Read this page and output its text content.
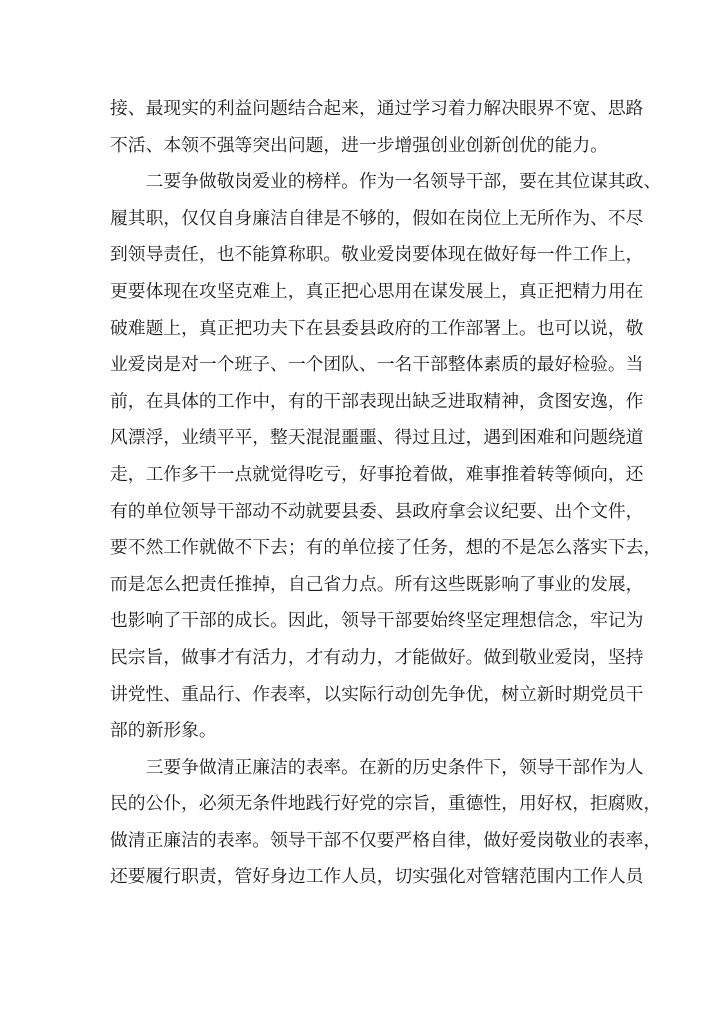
接、最现实的利益问题结合起来，通过学习着力解决眼界不宽、思路
不活、本领不强等突出问题，进一步增强创业创新创优的能力。
　　二要争做敬岗爱业的榜样。作为一名领导干部，要在其位谋其政、
履其职，仅仅自身廉洁自律是不够的，假如在岗位上无所作为、不尽
到领导责任，也不能算称职。敬业爱岗要体现在做好每一件工作上，
更要体现在攻坚克难上，真正把心思用在谋发展上，真正把精力用在
破难题上，真正把功夫下在县委县政府的工作部署上。也可以说，敬
业爱岗是对一个班子、一个团队、一名干部整体素质的最好检验。当
前，在具体的工作中，有的干部表现出缺乏进取精神，贪图安逸，作
风漂浮，业绩平平，整天混混噩噩、得过且过，遇到困难和问题绕道
走，工作多干一点就觉得吃亏，好事抢着做，难事推着转等倾向，还
有的单位领导干部动不动就要县委、县政府拿会议纪要、出个文件，
要不然工作就做不下去；有的单位接了任务，想的不是怎么落实下去，
而是怎么把责任推掉，自己省力点。所有这些既影响了事业的发展，
也影响了干部的成长。因此，领导干部要始终坚定理想信念，牢记为
民宗旨，做事才有活力，才有动力，才能做好。做到敬业爱岗，坚持
讲党性、重品行、作表率，以实际行动创先争优，树立新时期党员干
部的新形象。
　　三要争做清正廉洁的表率。在新的历史条件下，领导干部作为人
民的公仆，必须无条件地践行好党的宗旨，重德性，用好权，拒腐败，
做清正廉洁的表率。领导干部不仅要严格自律，做好爱岗敬业的表率，
还要履行职责，管好身边工作人员，切实强化对管辖范围内工作人员
